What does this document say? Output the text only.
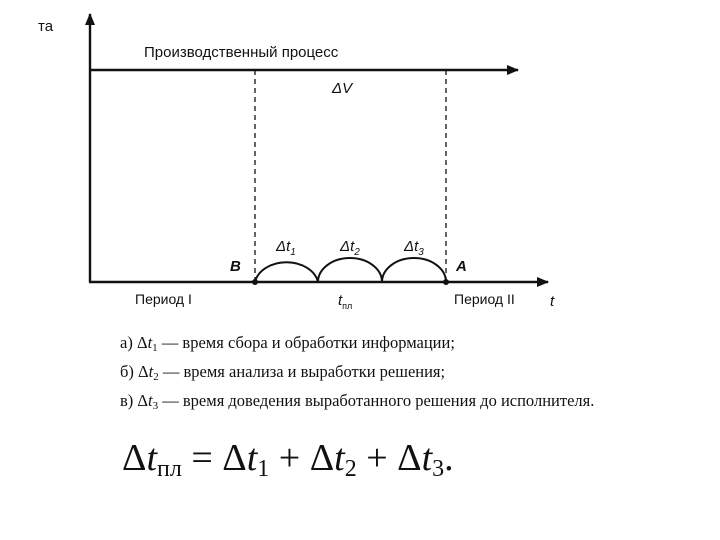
та
Производственный процесс
ΔV
$\Delta t_1$	$\Delta t_2$	$\Delta t_3$
B	A
Период I	$t_{пл}$	Период II t
а) $\Delta t_1$ — время сбора и обработки информации;
б) $\Delta t_2$ — время анализа и выработки решения;
в) $\Delta t_3$ — время доведения выработанного решения до исполнителя.
$\Delta t_{пл} = \Delta t_1 + \Delta t_2 + \Delta t_3$.
